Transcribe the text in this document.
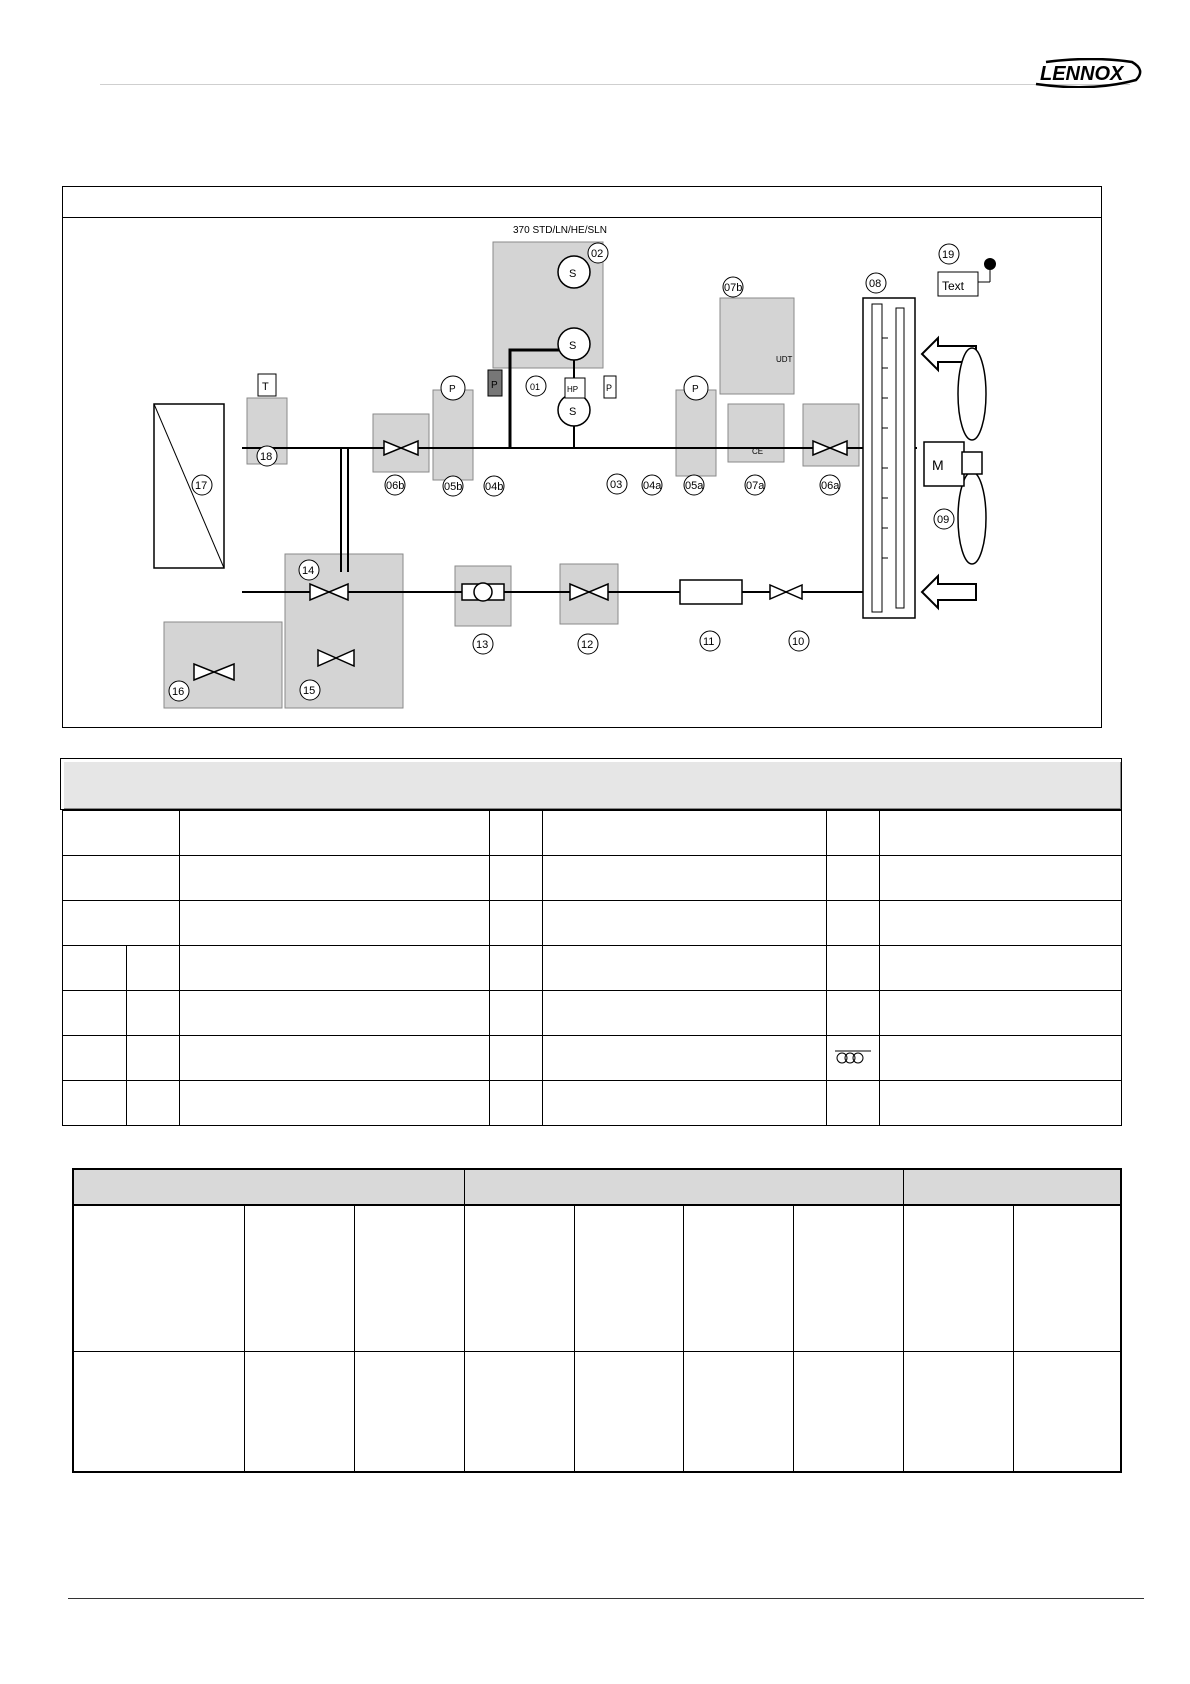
LENNOX
M
Text
S
S
S
370 STD/LN/HE/SLN
T	P	HP	P
P	P
CE
UDT
02
01
07b	08
19
18
17	06b	05b 04b	03 04a 05a	07a	06a
09
14
13	12	11	10
15
16
